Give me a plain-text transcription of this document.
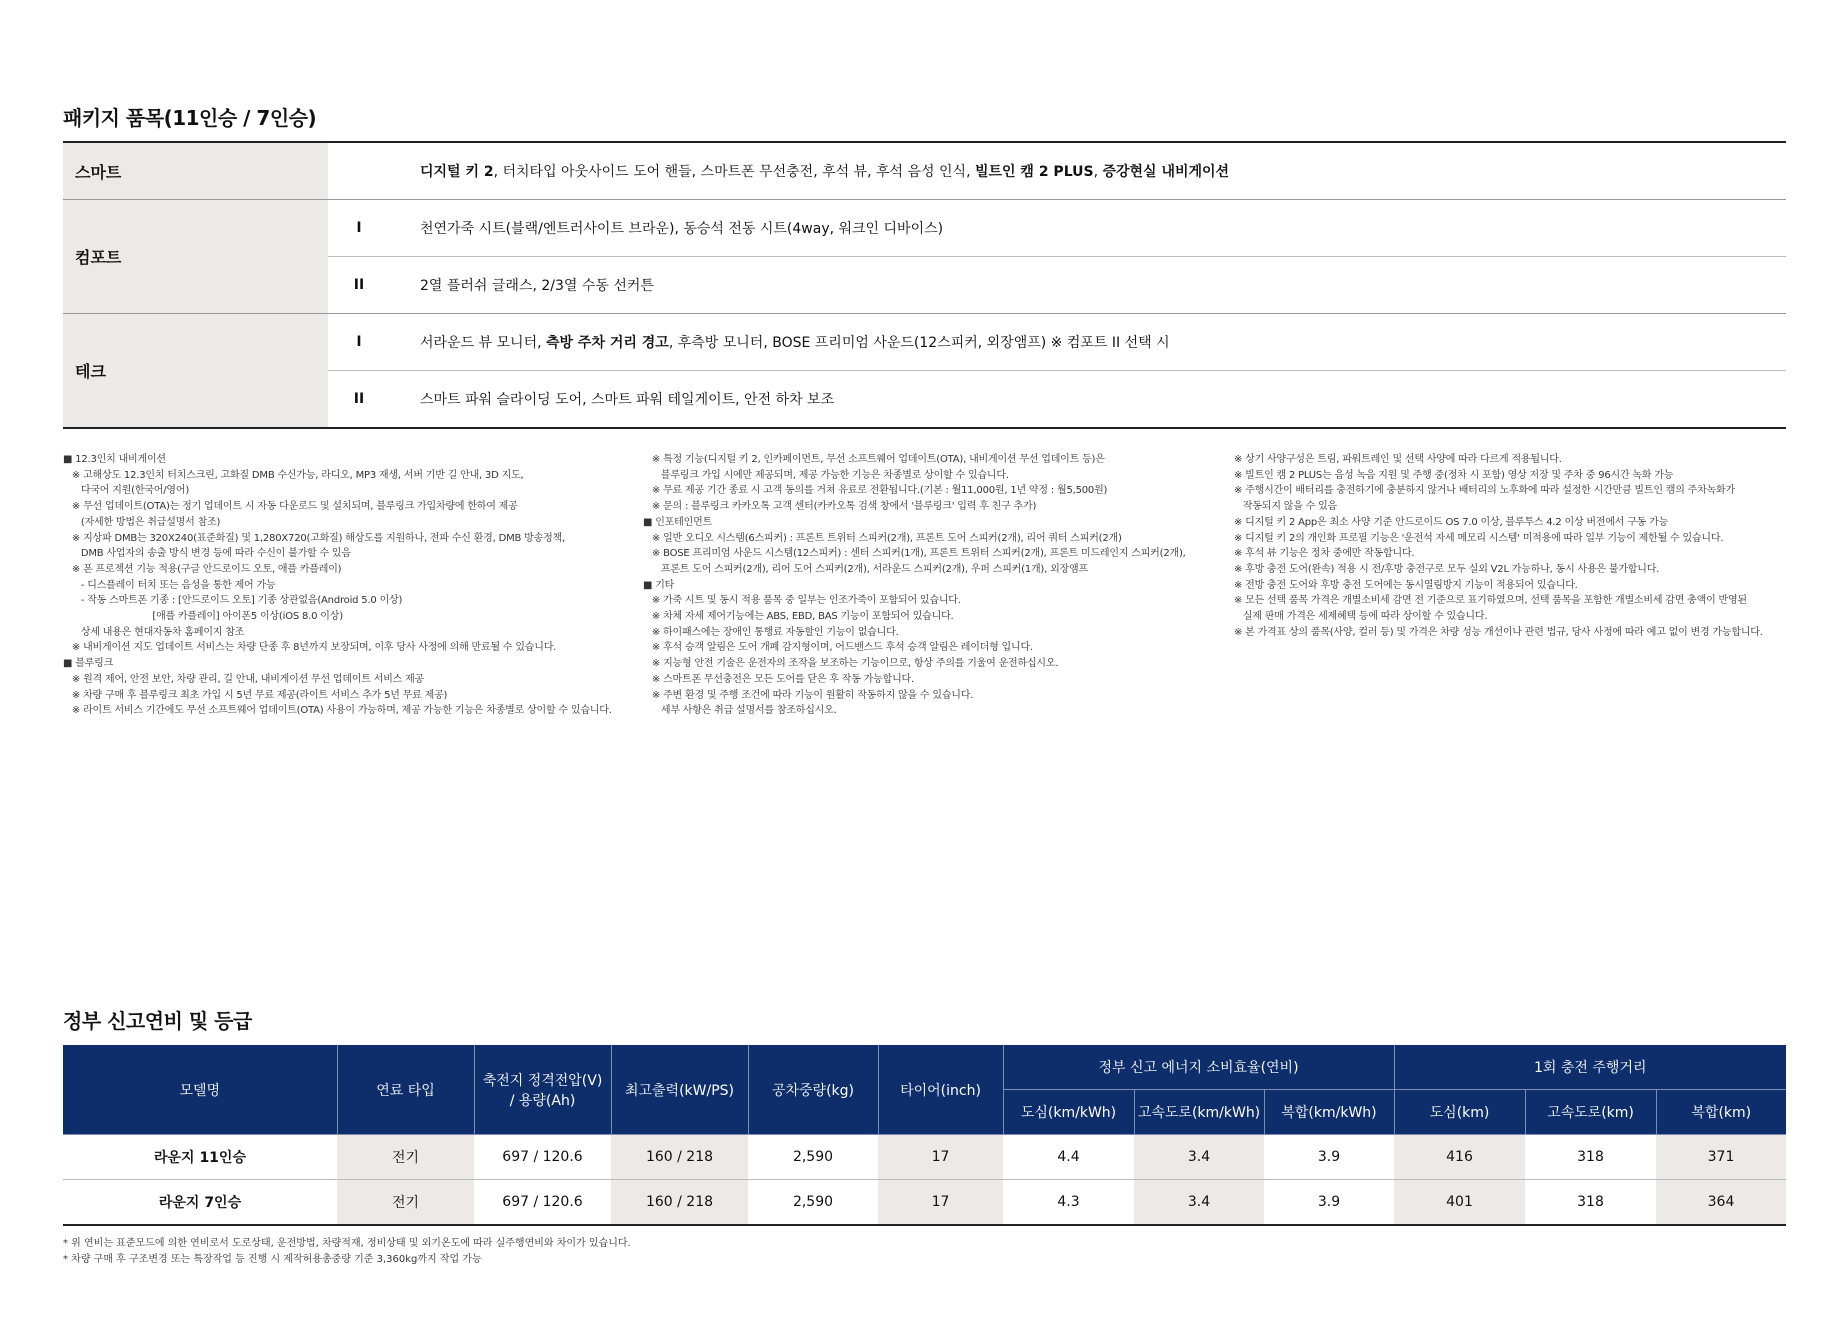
패키지 품목(11인승 / 7인승)
스마트	디지털 키 2, 터치타입 아웃사이드 도어 핸들, 스마트폰 무선충전, 후석 뷰, 후석 음성 인식, 빌트인 캠 2 PLUS, 증강현실 내비게이션
컴포트
I	천연가죽 시트(블랙/엔트러사이트 브라운), 동승석 전동 시트(4way, 워크인 디바이스)
II	2열 플러쉬 글래스, 2/3열 수동 선커튼
테크
I	서라운드 뷰 모니터, 측방 주차 거리 경고, 후측방 모니터, BOSE 프리미엄 사운드(12스피커, 외장앰프) ※ 컴포트 II 선택 시
II	스마트 파워 슬라이딩 도어, 스마트 파워 테일게이트, 안전 하차 보조
■ 12.3인치 내비게이션
※ 고해상도 12.3인치 터치스크린, 고화질 DMB 수신가능, 라디오, MP3 재생, 서버 기반 길 안내, 3D 지도,
다국어 지원(한국어/영어)
※ 무선 업데이트(OTA)는 정기 업데이트 시 자동 다운로드 및 설치되며, 블루링크 가입차량에 한하여 제공
(자세한 방법은 취급설명서 참조)
※ 지상파 DMB는 320X240(표준화질) 및 1,280X720(고화질) 해상도를 지원하나, 전파 수신 환경, DMB 방송정책,
DMB 사업자의 송출 방식 변경 등에 따라 수신이 불가할 수 있음
※ 폰 프로젝션 기능 적용(구글 안드로이드 오토, 애플 카플레이)
- 디스플레이 터치 또는 음성을 통한 제어 가능
- 작동 스마트폰 기종 : [안드로이드 오토] 기종 상관없음(Android 5.0 이상)
[애플 카플레이] 아이폰5 이상(iOS 8.0 이상)
상세 내용은 현대자동차 홈페이지 참조
※ 내비게이션 지도 업데이트 서비스는 차량 단종 후 8년까지 보장되며, 이후 당사 사정에 의해 만료될 수 있습니다.
■ 블루링크
※ 원격 제어, 안전 보안, 차량 관리, 길 안내, 내비게이션 무선 업데이트 서비스 제공
※ 차량 구매 후 블루링크 최초 가입 시 5년 무료 제공(라이트 서비스 추가 5년 무료 제공)
※ 라이트 서비스 기간에도 무선 소프트웨어 업데이트(OTA) 사용이 가능하며, 제공 가능한 기능은 차종별로 상이할 수 있습니다.
※ 특정 기능(디지털 키 2, 인카페이먼트, 무선 소프트웨어 업데이트(OTA), 내비게이션 무선 업데이트 등)은
블루링크 가입 시에만 제공되며, 제공 가능한 기능은 차종별로 상이할 수 있습니다.
※ 무료 제공 기간 종료 시 고객 동의를 거쳐 유료로 전환됩니다.(기본 : 월11,000원, 1년 약정 : 월5,500원)
※ 문의 : 블루링크 카카오톡 고객 센터(카카오톡 검색 창에서 '블루링크' 입력 후 친구 추가)
■ 인포테인먼트
※ 일반 오디오 시스템(6스피커) : 프론트 트위터 스피커(2개), 프론트 도어 스피커(2개), 리어 쿼터 스피커(2개)
※ BOSE 프리미엄 사운드 시스템(12스피커) : 센터 스피커(1개), 프론트 트위터 스피커(2개), 프론트 미드레인지 스피커(2개),
프론트 도어 스피커(2개), 리어 도어 스피커(2개), 서라운드 스피커(2개), 우퍼 스피커(1개), 외장앰프
■ 기타
※ 가죽 시트 및 동시 적용 품목 중 일부는 인조가죽이 포함되어 있습니다.
※ 차체 자세 제어기능에는 ABS, EBD, BAS 기능이 포함되어 있습니다.
※ 하이패스에는 장애인 통행료 자동할인 기능이 없습니다.
※ 후석 승객 알림은 도어 개폐 감지형이며, 어드밴스드 후석 승객 알림은 레이더형 입니다.
※ 지능형 안전 기술은 운전자의 조작을 보조하는 기능이므로, 항상 주의를 기울여 운전하십시오.
※ 스마트폰 무선충전은 모든 도어를 닫은 후 작동 가능합니다.
※ 주변 환경 및 주행 조건에 따라 기능이 원활히 작동하지 않을 수 있습니다.
세부 사항은 취급 설명서를 참조하십시오.
※ 상기 사양구성은 트림, 파워트레인 및 선택 사양에 따라 다르게 적용됩니다.
※ 빌트인 캠 2 PLUS는 음성 녹음 지원 및 주행 중(정차 시 포함) 영상 저장 및 주차 중 96시간 녹화 가능
※ 주행시간이 배터리를 충전하기에 충분하지 않거나 배터리의 노후화에 따라 설정한 시간만큼 빌트인 캠의 주차녹화가
작동되지 않을 수 있음
※ 디지털 키 2 App은 최소 사양 기준 안드로이드 OS 7.0 이상, 블루투스 4.2 이상 버전에서 구동 가능
※ 디지털 키 2의 개인화 프로필 기능은 '운전석 자세 메모리 시스템' 미적용에 따라 일부 기능이 제한될 수 있습니다.
※ 후석 뷰 기능은 정차 중에만 작동합니다.
※ 후방 충전 도어(완속) 적용 시 전/후방 충전구로 모두 실외 V2L 가능하나, 동시 사용은 불가합니다.
※ 전방 충전 도어와 후방 충전 도어에는 동시열림방지 기능이 적용되어 있습니다.
※ 모든 선택 품목 가격은 개별소비세 감면 전 기준으로 표기하였으며, 선택 품목을 포함한 개별소비세 감면 총액이 반영된
실제 판매 가격은 세제혜택 등에 따라 상이할 수 있습니다.
※ 본 가격표 상의 품목(사양, 컬러 등) 및 가격은 차량 성능 개선이나 관련 법규, 당사 사정에 따라 예고 없이 변경 가능합니다.
정부 신고연비 및 등급
모델명	연료 타입	축전지 정격전압(V)
/ 용량(Ah)	최고출력(kW/PS)	공차중량(kg)	타이어(inch)	정부 신고 에너지 소비효율(연비)			1회 충전 주행거리		
						도심(km/kWh)	고속도로(km/kWh)	복합(km/kWh)	도심(km)	고속도로(km)	복합(km)
라운지 11인승	전기	697 / 120.6	160 / 218	2,590	17	4.4	3.4	3.9	416	318	371
라운지 7인승	전기	697 / 120.6	160 / 218	2,590	17	4.3	3.4	3.9	401	318	364
* 위 연비는 표준모드에 의한 연비로서 도로상태, 운전방법, 차량적재, 정비상태 및 외기온도에 따라 실주행연비와 차이가 있습니다.
* 차량 구매 후 구조변경 또는 특장작업 등 진행 시 제작허용총중량 기준 3,360kg까지 작업 가능
